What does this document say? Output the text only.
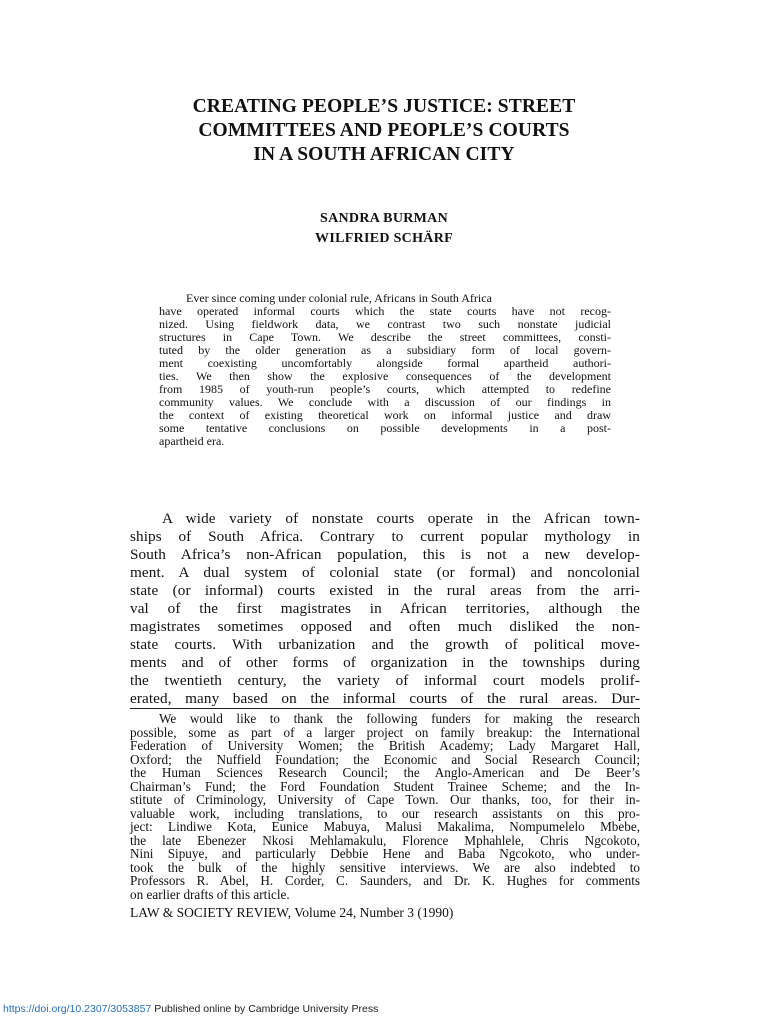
CREATING PEOPLE’S JUSTICE: STREET
COMMITTEES AND PEOPLE’S COURTS
IN A SOUTH AFRICAN CITY
SANDRA BURMAN
WILFRIED SCHÄRF
Ever since coming under colonial rule, Africans in South Africa
have operated informal courts which the state courts have not recog-
nized. Using fieldwork data, we contrast two such nonstate judicial
structures in Cape Town. We describe the street committees, consti-
tuted by the older generation as a subsidiary form of local govern-
ment coexisting uncomfortably alongside formal apartheid authori-
ties. We then show the explosive consequences of the development
from 1985 of youth-run people’s courts, which attempted to redefine
community values. We conclude with a discussion of our findings in
the context of existing theoretical work on informal justice and draw
some tentative conclusions on possible developments in a post-
apartheid era.
A wide variety of nonstate courts operate in the African town-
ships of South Africa. Contrary to current popular mythology in
South Africa’s non-African population, this is not a new develop-
ment. A dual system of colonial state (or formal) and noncolonial
state (or informal) courts existed in the rural areas from the arri-
val of the first magistrates in African territories, although the
magistrates sometimes opposed and often much disliked the non-
state courts. With urbanization and the growth of political move-
ments and of other forms of organization in the townships during
the twentieth century, the variety of informal court models prolif-
erated, many based on the informal courts of the rural areas. Dur-
We would like to thank the following funders for making the research
possible, some as part of a larger project on family breakup: the International
Federation of University Women; the British Academy; Lady Margaret Hall,
Oxford; the Nuffield Foundation; the Economic and Social Research Council;
the Human Sciences Research Council; the Anglo-American and De Beer’s
Chairman’s Fund; the Ford Foundation Student Trainee Scheme; and the In-
stitute of Criminology, University of Cape Town. Our thanks, too, for their in-
valuable work, including translations, to our research assistants on this pro-
ject: Lindiwe Kota, Eunice Mabuya, Malusi Makalima, Nompumelelo Mbebe,
the late Ebenezer Nkosi Mehlamakulu, Florence Mphahlele, Chris Ngcokoto,
Nini Sipuye, and particularly Debbie Hene and Baba Ngcokoto, who under-
took the bulk of the highly sensitive interviews. We are also indebted to
Professors R. Abel, H. Corder, C. Saunders, and Dr. K. Hughes for comments
on earlier drafts of this article.
LAW & SOCIETY REVIEW, Volume 24, Number 3 (1990)
https://doi.org/10.2307/3053857 Published online by Cambridge University Press
